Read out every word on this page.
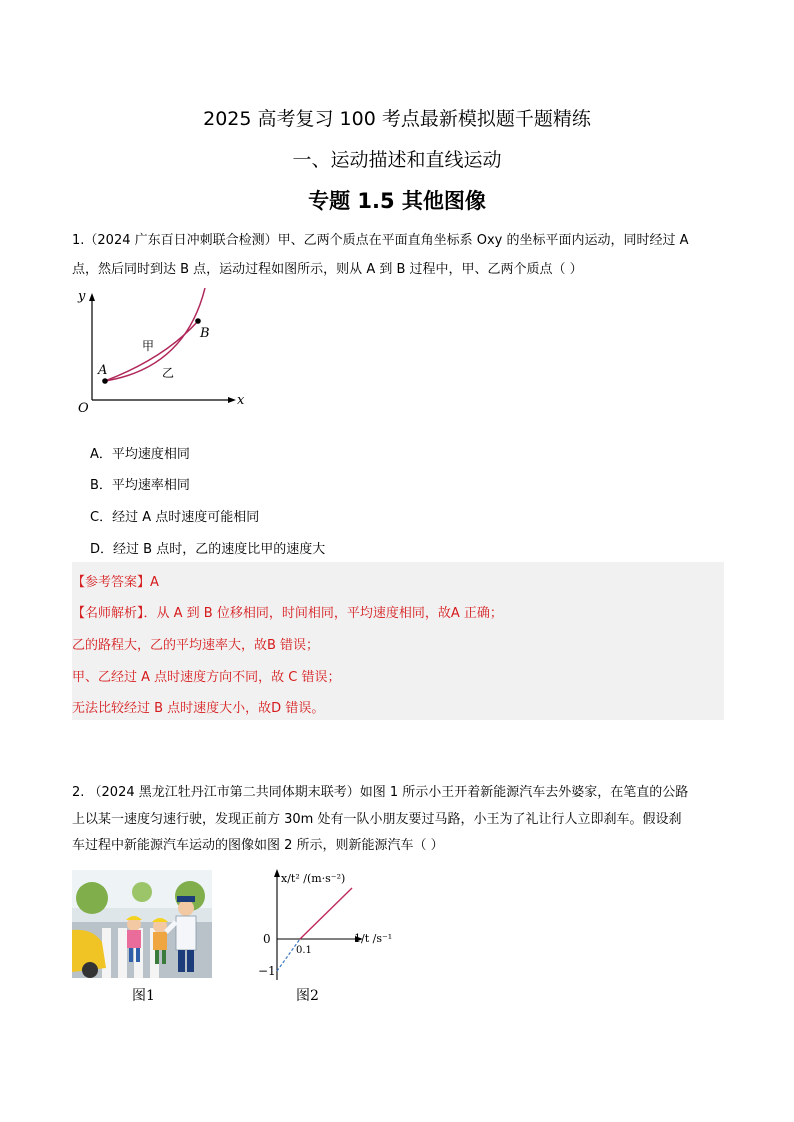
2025 高考复习 100 考点最新模拟题千题精练
一、运动描述和直线运动
专题 1.5 其他图像
1.（2024 广东百日冲刺联合检测）甲、乙两个质点在平面直角坐标系 Oxy 的坐标平面内运动，同时经过 A
点，然后同时到达 B 点，运动过程如图所示，则从 A 到 B 过程中，甲、乙两个质点（ ）
y
x
O
A
B
甲
乙
A．平均速度相同
B．平均速率相同
C．经过 A 点时速度可能相同
D．经过 B 点时，乙的速度比甲的速度大
【参考答案】A
【名师解析】．从 A 到 B 位移相同，时间相同，平均速度相同，故A 正确；
乙的路程大，乙的平均速率大，故B 错误；
甲、乙经过 A 点时速度方向不同，故 C 错误；
无法比较经过 B 点时速度大小，故D 错误。
2. （2024 黑龙江牡丹江市第二共同体期末联考）如图 1 所示小王开着新能源汽车去外婆家，在笔直的公路
上以某一速度匀速行驶，发现正前方 30m 处有一队小朋友要过马路，小王为了礼让行人立即刹车。假设刹
车过程中新能源汽车运动的图像如图 2 所示，则新能源汽车（ ）
图1
0
0.1
−1
x/t² /(m·s⁻²)
1/t /s⁻¹
图2
